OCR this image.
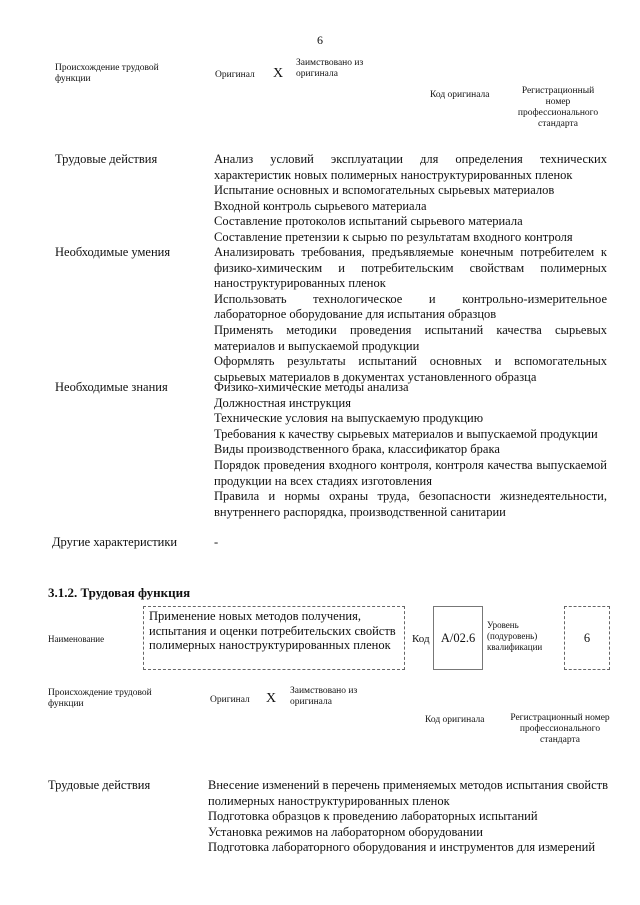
6
Происхождение трудовой функции	Оригинал X
Заимствовано из оригинала
Код оригинала	Регистрационный номер профессионального стандарта
Трудовые действия	Анализ условий эксплуатации для определения технических характеристик новых полимерных наноструктурированных пленок
Испытание основных и вспомогательных сырьевых материалов
Входной контроль сырьевого материала
Составление протоколов испытаний сырьевого материала
Составление претензии к сырью по результатам входного контроля
Необходимые умения	Анализировать требования, предъявляемые конечным потребителем к физико-химическим и потребительским свойствам полимерных наноструктурированных пленок
Использовать технологическое и контрольно-измерительное лабораторное оборудование для испытания образцов
Применять методики проведения испытаний качества сырьевых материалов и выпускаемой продукции
Оформлять результаты испытаний основных и вспомогательных сырьевых материалов в документах установленного образца
Необходимые знания	Физико-химические методы анализа
Должностная инструкция
Технические условия на выпускаемую продукцию
Требования к качеству сырьевых материалов и выпускаемой продукции
Виды производственного брака, классификатор брака
Порядок проведения входного контроля, контроля качества выпускаемой продукции на всех стадиях изготовления
Правила и нормы охраны труда, безопасности жизнедеятельности, внутреннего распорядка, производственной санитарии
Другие характеристики	-
3.1.2. Трудовая функция
Наименование
Применение новых методов получения, испытания и оценки потребительских свойств полимерных наноструктурированных пленок	Код A/02.6
Уровень (подуровень) квалификации
6
Происхождение трудовой функции	Оригинал X Заимствовано из оригинала
Код оригинала	Регистрационный номер профессионального стандарта
Трудовые действия	Внесение изменений в перечень применяемых методов испытания свойств полимерных наноструктурированных пленок
Подготовка образцов к проведению лабораторных испытаний
Установка режимов на лабораторном оборудовании
Подготовка лабораторного оборудования и инструментов для измерений
